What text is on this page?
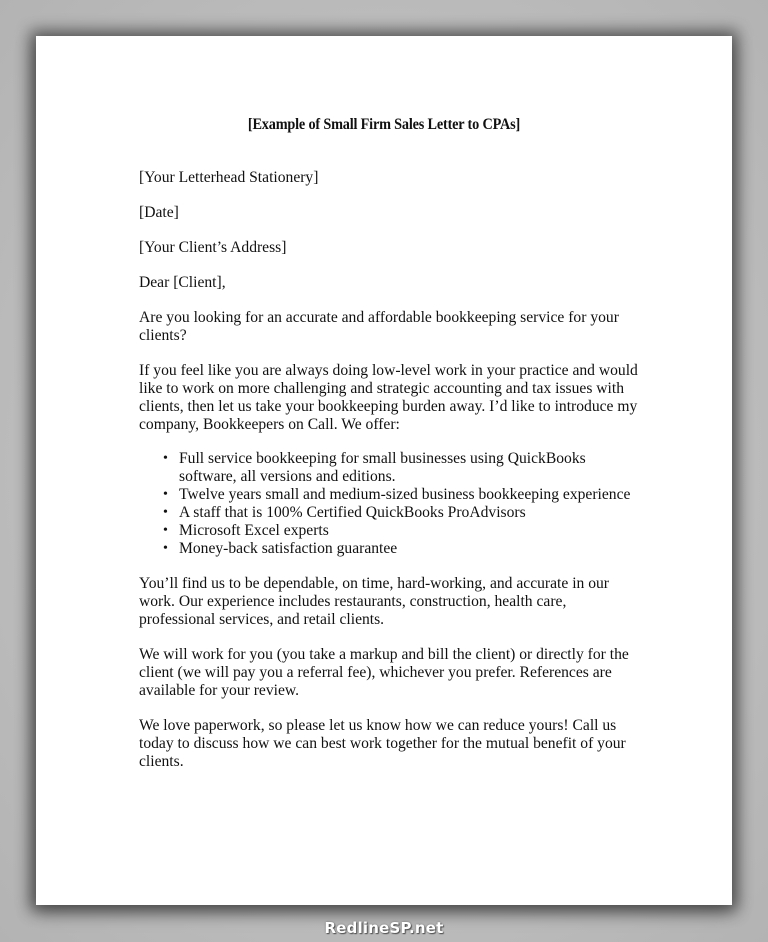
[Example of Small Firm Sales Letter to CPAs]

[Your Letterhead Stationery]

[Date]

[Your Client’s Address]

Dear [Client],

Are you looking for an accurate and affordable bookkeeping service for your clients?

If you feel like you are always doing low-level work in your practice and would like to work on more challenging and strategic accounting and tax issues with clients, then let us take your bookkeeping burden away. I’d like to introduce my company, Bookkeepers on Call. We offer:

• Full service bookkeeping for small businesses using QuickBooks software, all versions and editions.
• Twelve years small and medium-sized business bookkeeping experience
• A staff that is 100% Certified QuickBooks ProAdvisors
• Microsoft Excel experts
• Money-back satisfaction guarantee

You’ll find us to be dependable, on time, hard-working, and accurate in our work. Our experience includes restaurants, construction, health care, professional services, and retail clients.

We will work for you (you take a markup and bill the client) or directly for the client (we will pay you a referral fee), whichever you prefer. References are available for your review.

We love paperwork, so please let us know how we can reduce yours! Call us today to discuss how we can best work together for the mutual benefit of your clients.

RedlineSP.net
